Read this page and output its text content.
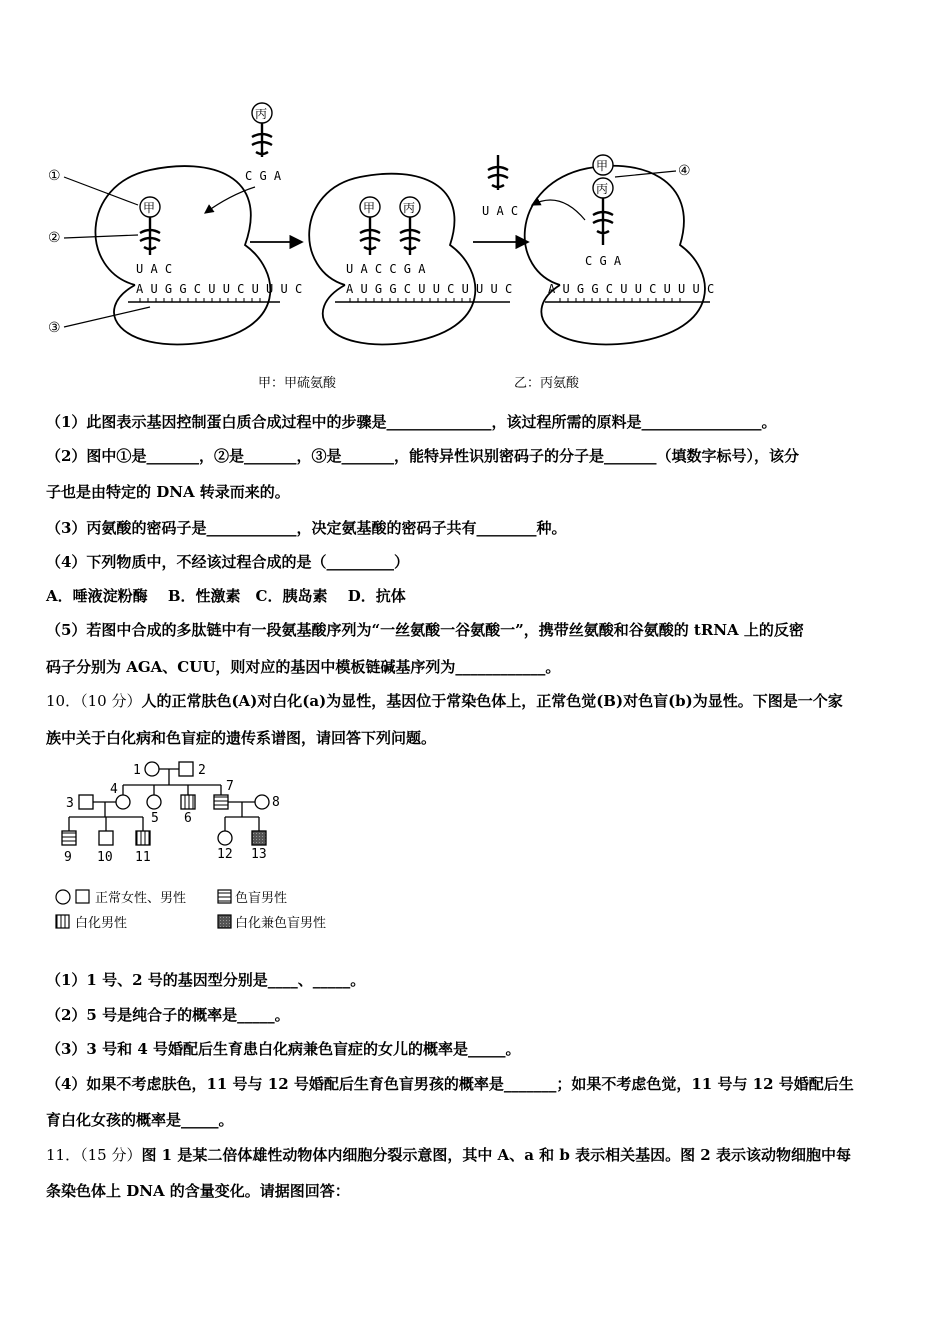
A U G G C U U C U U U C
U A C
甲
丙
C G A
①
②
③
A U G G C U U C U U U C
U A C C G A
甲 丙
A U G G C U U C U U U C
C G A
甲
丙
④
U A C
甲：甲硫氨酸	乙：丙氨酸
（1）此图表示基因控制蛋白质合成过程中的步骤是______________，该过程所需的原料是________________。
（2）图中①是_______，②是_______，③是_______，能特异性识别密码子的分子是_______（填数字标号），该分
子也是由特定的 DNA 转录而来的。
（3）丙氨酸的密码子是____________，决定氨基酸的密码子共有________种。
（4）下列物质中，不经该过程合成的是（_________）
A．唾液淀粉酶　 B．性激素　C．胰岛素　 D．抗体
（5）若图中合成的多肽链中有一段氨基酸序列为“一丝氨酸一谷氨酸一”，携带丝氨酸和谷氨酸的 tRNA 上的反密
码子分别为 AGA、CUU，则对应的基因中模板链碱基序列为____________。
10．（10 分）人的正常肤色(A)对白化(a)为显性，基因位于常染色体上，正常色觉(B)对色盲(b)为显性。下图是一个家
族中关于白化病和色盲症的遗传系谱图，请回答下列问题。
1	2
3
4
5 6
7
8
9 10 11	12 13
正常女性、男性	色盲男性
白化男性	白化兼色盲男性
（1）1 号、2 号的基因型分别是____、_____。
（2）5 号是纯合子的概率是_____。
（3）3 号和 4 号婚配后生育患白化病兼色盲症的女儿的概率是_____。
（4）如果不考虑肤色，11 号与 12 号婚配后生育色盲男孩的概率是_______；如果不考虑色觉，11 号与 12 号婚配后生
育白化女孩的概率是_____。
11．（15 分）图 1 是某二倍体雄性动物体内细胞分裂示意图，其中 A、a 和 b 表示相关基因。图 2 表示该动物细胞中每
条染色体上 DNA 的含量变化。请据图回答：
